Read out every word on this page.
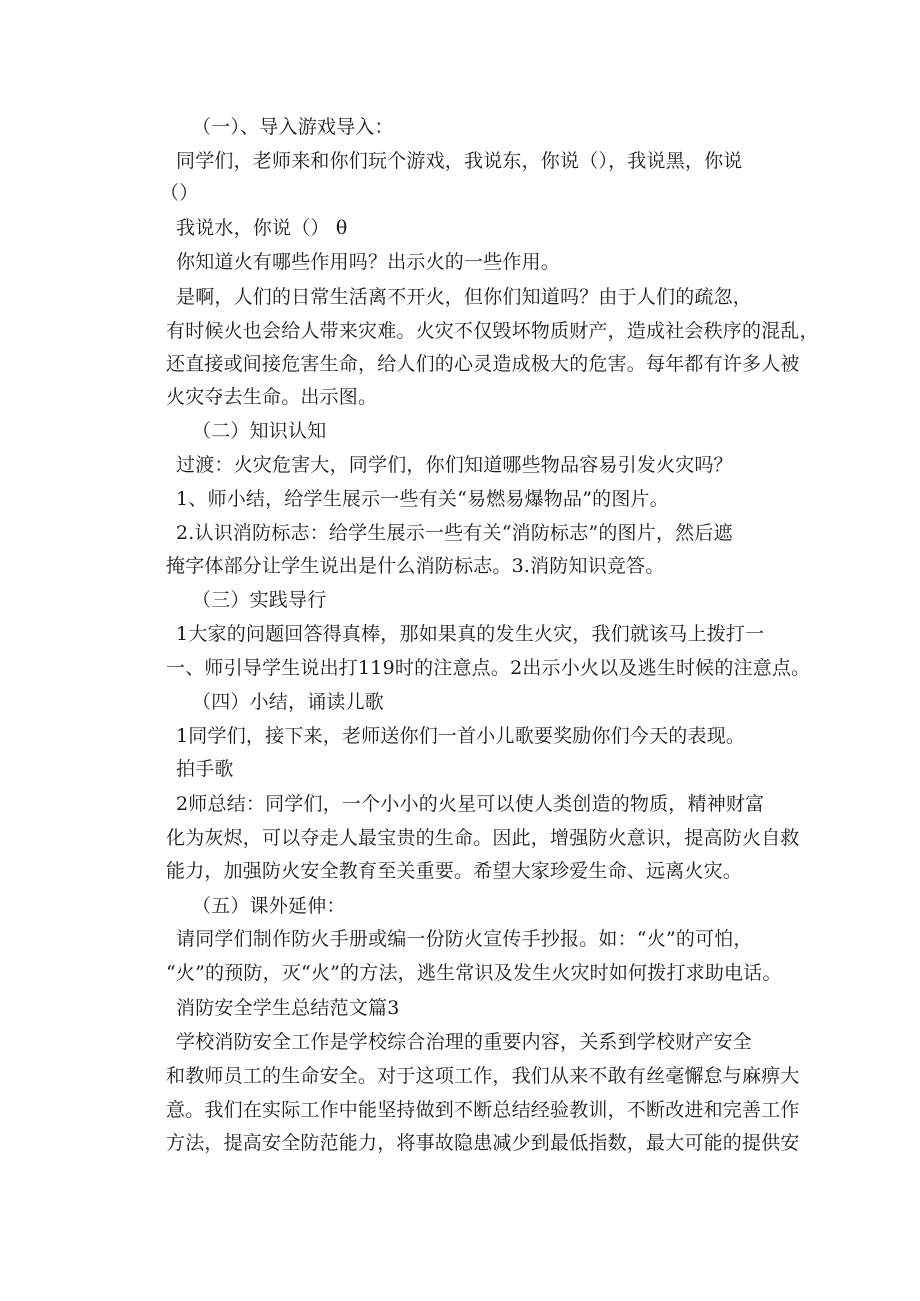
（一）、导入游戏导入：

同学们，老师来和你们玩个游戏，我说东，你说（），我说黑，你说

（）

我说水，你说（） θ

你知道火有哪些作用吗？出示火的一些作用。

是啊，人们的日常生活离不开火，但你们知道吗？由于人们的疏忽，

有时候火也会给人带来灾难。火灾不仅毁坏物质财产，造成社会秩序的混乱，

还直接或间接危害生命，给人们的心灵造成极大的危害。每年都有许多人被

火灾夺去生命。出示图。

（二）知识认知

过渡：火灾危害大，同学们，你们知道哪些物品容易引发火灾吗？

1、师小结，给学生展示一些有关“易燃易爆物品”的图片。

2.认识消防标志：给学生展示一些有关“消防标志”的图片，然后遮

掩字体部分让学生说出是什么消防标志。3.消防知识竞答。

（三）实践导行

1大家的问题回答得真棒，那如果真的发生火灾，我们就该马上拨打一

一、师引导学生说出打119时的注意点。2出示小火以及逃生时候的注意点。

（四）小结，诵读儿歌

1同学们，接下来，老师送你们一首小儿歌要奖励你们今天的表现。

拍手歌

2师总结：同学们，一个小小的火星可以使人类创造的物质，精神财富

化为灰烬，可以夺走人最宝贵的生命。因此，增强防火意识，提高防火自救

能力，加强防火安全教育至关重要。希望大家珍爱生命、远离火灾。

（五）课外延伸：

请同学们制作防火手册或编一份防火宣传手抄报。如：“火”的可怕，

“火”的预防，灭“火”的方法，逃生常识及发生火灾时如何拨打求助电话。

消防安全学生总结范文篇3

学校消防安全工作是学校综合治理的重要内容，关系到学校财产安全

和教师员工的生命安全。对于这项工作，我们从来不敢有丝毫懈怠与麻痹大

意。我们在实际工作中能坚持做到不断总结经验教训，不断改进和完善工作

方法，提高安全防范能力，将事故隐患减少到最低指数，最大可能的提供安
